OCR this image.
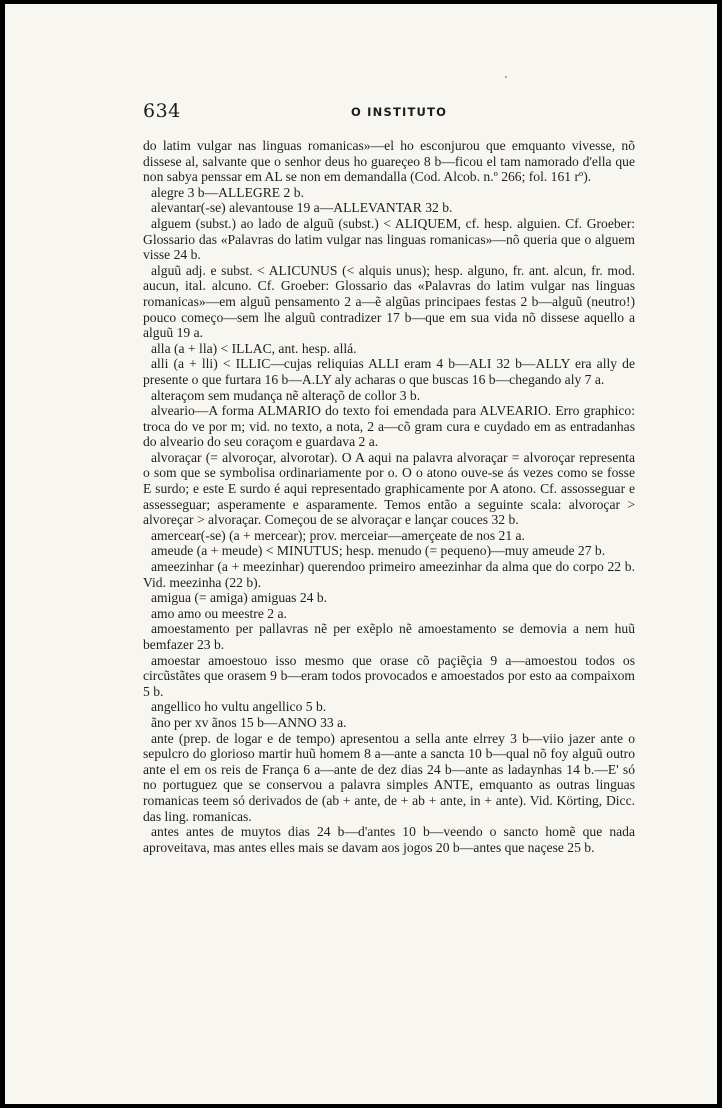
634	O INSTITUTO

do latim vulgar nas linguas romanicas»—el ho esconjurou que emquanto vivesse, nõ dissese al, salvante que o senhor deus ho guareçeo 8 b—ficou el tam namorado d'ella que non sabya penssar em AL se non em demandalla (Cod. Alcob. n.º 266; fol. 161 rº).

alegre 3 b—ALLEGRE 2 b.

alevantar(-se) alevantouse 19 a—ALLEVANTAR 32 b.

alguem (subst.) ao lado de alguũ (subst.) < ALIQUEM, cf. hesp. alguien. Cf. Groeber: Glossario das «Palavras do latim vulgar nas linguas romanicas»—nõ queria que o alguem visse 24 b.

alguũ adj. e subst. < ALICUNUS (< alquis unus); hesp. alguno, fr. ant. alcun, fr. mod. aucun, ital. alcuno. Cf. Groeber: Glossario das «Palavras do latim vulgar nas linguas romanicas»—em alguũ pensamento 2 a—ẽ algũas principaes festas 2 b—alguũ (neutro!) pouco começo—sem lhe alguũ contradizer 17 b—que em sua vida nõ dissese aquello a alguũ 19 a.

alla (a + lla) < ILLAC, ant. hesp. allá.

alli (a + lli) < ILLIC—cujas reliquias ALLI eram 4 b—ALI 32 b—ALLY era ally de presente o que furtara 16 b—A.LY aly acharas o que buscas 16 b—chegando aly 7 a.

alteraçom sem mudança nẽ alteraçõ de collor 3 b.

alveario—A forma ALMARIO do texto foi emendada para ALVEARIO. Erro graphico: troca do ve por m; vid. no texto, a nota, 2 a—cõ gram cura e cuydado em as entradanhas do alveario do seu coraçom e guardava 2 a.

alvoraçar (= alvoroçar, alvorotar). O A aqui na palavra alvoraçar = alvoroçar representa o som que se symbolisa ordinariamente por o. O o atono ouve-se ás vezes como se fosse E surdo; e este E surdo é aqui representado graphicamente por A atono. Cf. assosseguar e assesseguar; asperamente e asparamente. Temos então a seguinte scala: alvoroçar > alvoreçar > alvoraçar. Começou de se alvoraçar e lançar couces 32 b.

amercear(-se) (a + mercear); prov. merceiar—amerçeate de nos 21 a.

ameude (a + meude) < MINUTUS; hesp. menudo (= pequeno)—muy ameude 27 b.

ameezinhar (a + meezinhar) querendoo primeiro ameezinhar da alma que do corpo 22 b. Vid. meezinha (22 b).

amigua (= amiga) amiguas 24 b.

amo amo ou meestre 2 a.

amoestamento per pallavras nẽ per exẽplo nẽ amoestamento se demovia a nem huũ bemfazer 23 b.

amoestar amoestouo isso mesmo que orase cõ paçiẽçia 9 a—amoestou todos os circũstãtes que orasem 9 b—eram todos provocados e amoestados por esto aa compaixom 5 b.

angellico ho vultu angellico 5 b.

ãno per xv ãnos 15 b—ANNO 33 a.

ante (prep. de logar e de tempo) apresentou a sella ante elrrey 3 b—viio jazer ante o sepulcro do glorioso martir huũ homem 8 a—ante a sancta 10 b—qual nõ foy alguũ outro ante el em os reis de França 6 a—ante de dez dias 24 b—ante as ladaynhas 14 b.—E' só no portuguez que se conservou a palavra simples ANTE, emquanto as outras linguas romanicas teem só derivados de (ab + ante, de + ab + ante, in + ante). Vid. Körting, Dicc. das ling. romanicas.

antes antes de muytos dias 24 b—d'antes 10 b—veendo o sancto homẽ que nada aproveitava, mas antes elles mais se davam aos jogos 20 b—antes que naçese 25 b.
